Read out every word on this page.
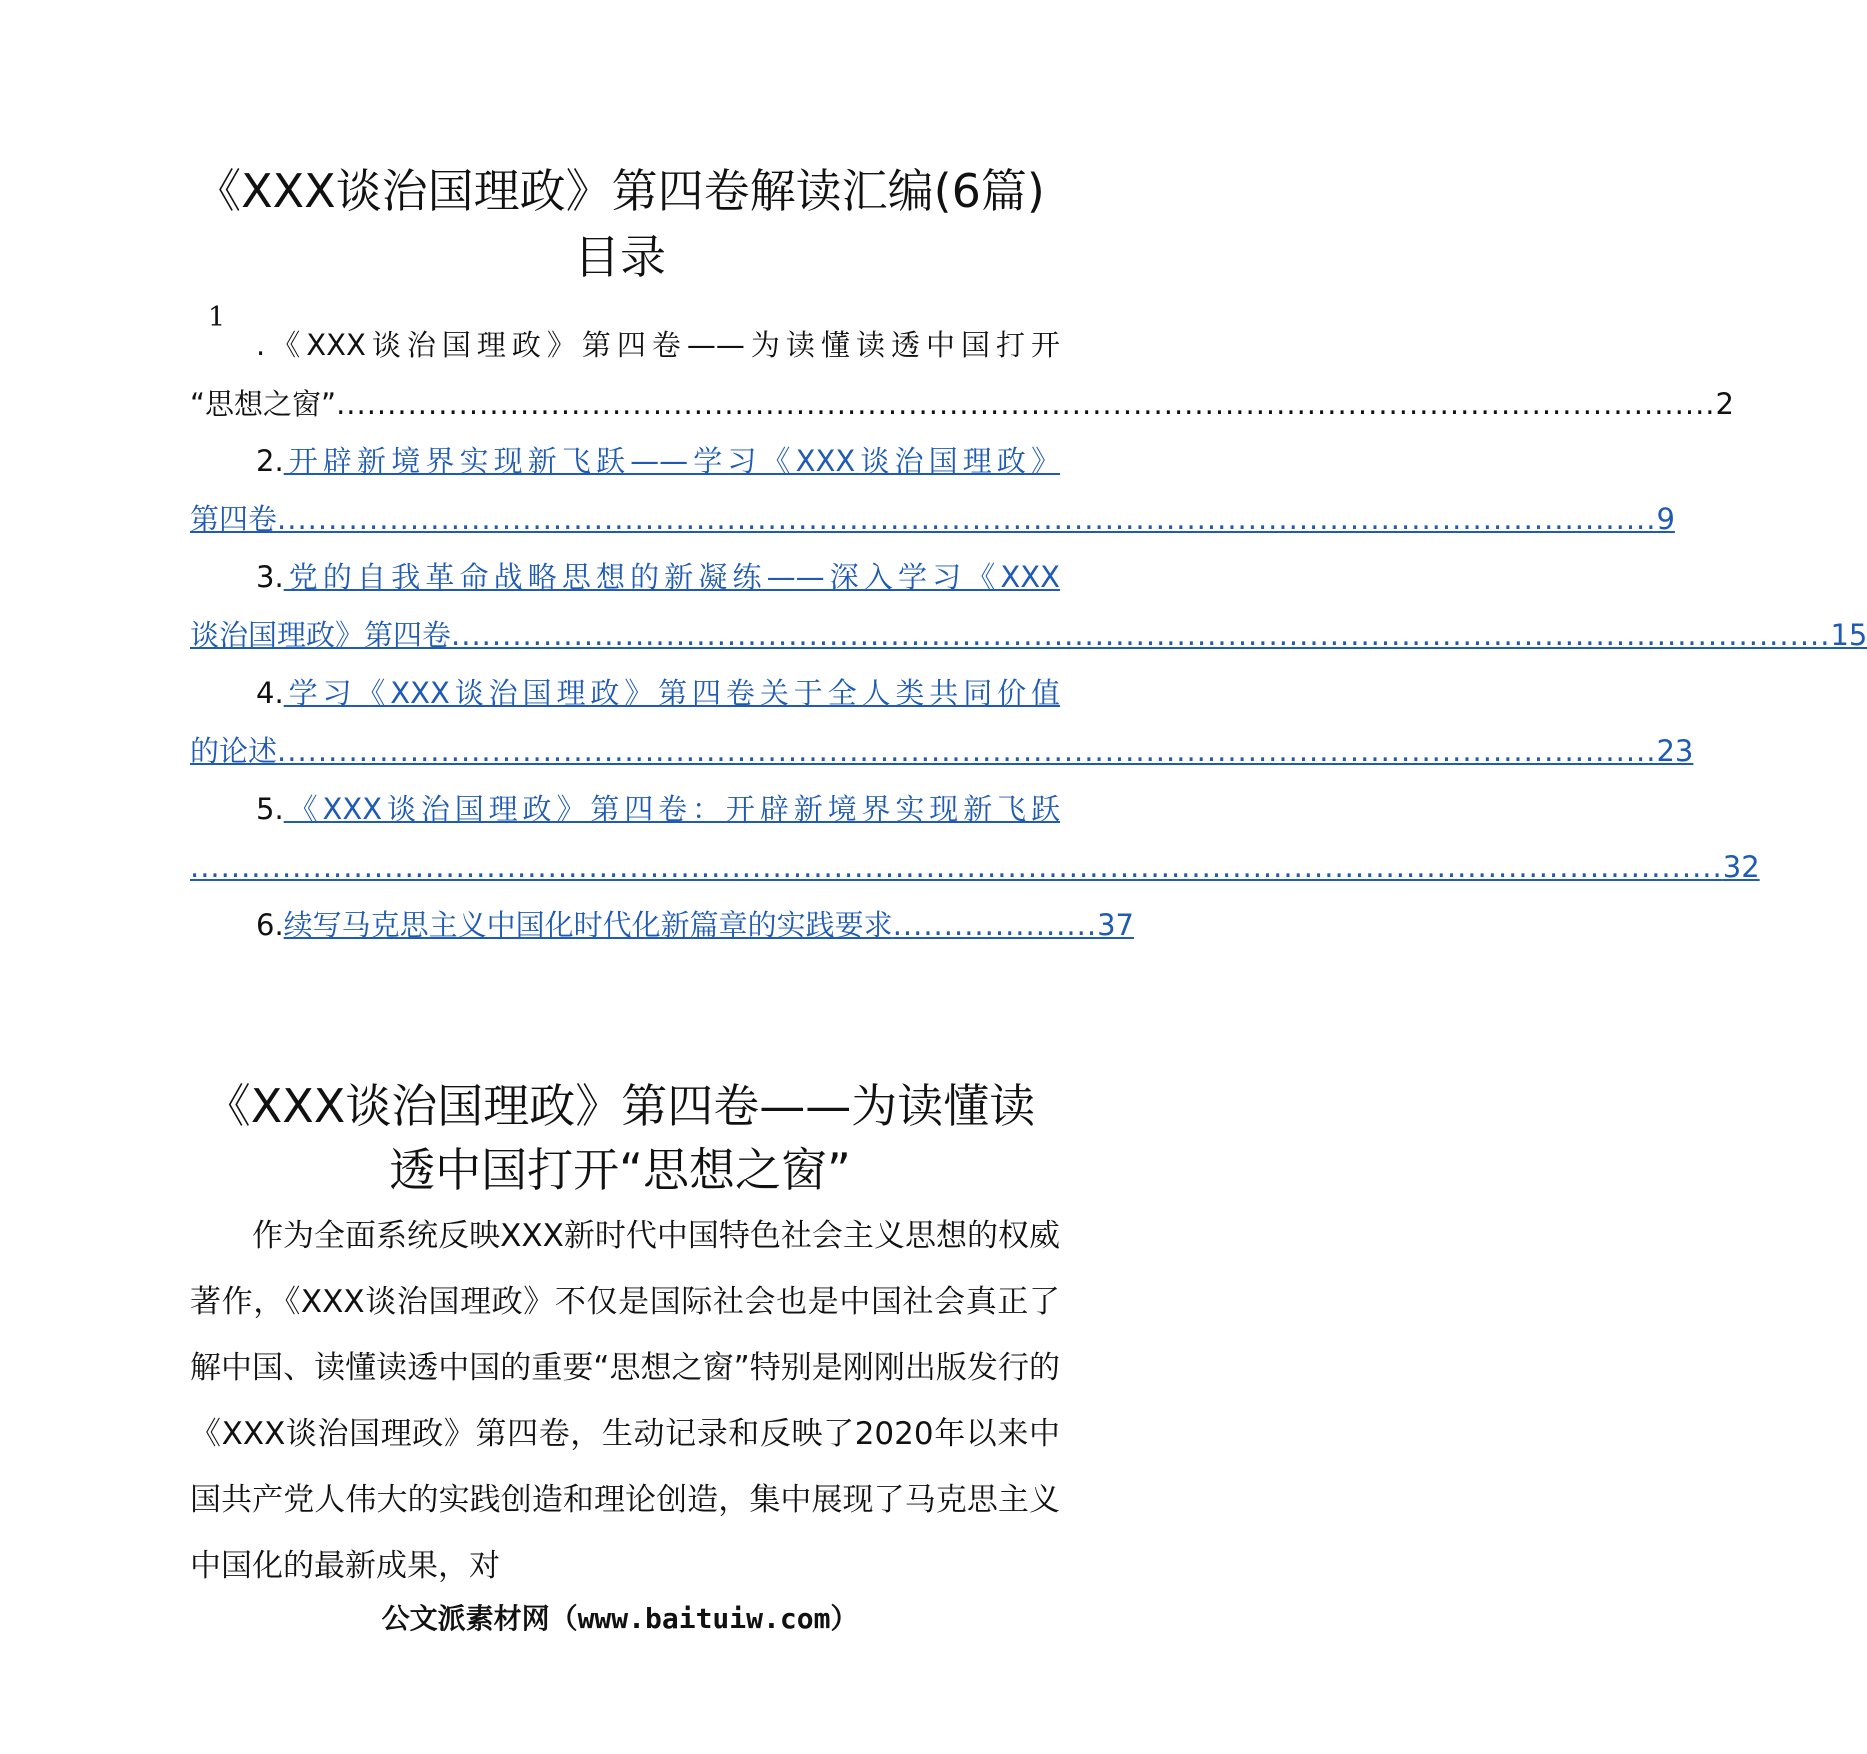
《XXX谈治国理政》第四卷解读汇编(6篇)
目录
1
.《XXX谈治国理政》第四卷——为读懂读透中国打开
“思想之窗” ....................................................................................................................................... 2
2.开辟新境界实现新飞跃——学习《XXX谈治国理政》
第四卷 ....................................................................................................................................... 9
3.党的自我革命战略思想的新凝练——深入学习《XXX
谈治国理政》第四卷 ....................................................................................................................................... 15
4.学习《XXX谈治国理政》第四卷关于全人类共同价值
的论述 ....................................................................................................................................... 23
5.《XXX谈治国理政》第四卷：开辟新境界实现新飞跃
...................................................................................................................................................... 32
6. 续写马克思主义中国化时代化新篇章的实践要求 .................... 37
《XXX谈治国理政》第四卷——为读懂读
透中国打开“思想之窗”

作为全面系统反映XXX新时代中国特色社会主义思想的权威著作，《XXX谈治国理政》不仅是国际社会也是中国社会真正了解中国、读懂读透中国的重要“思想之窗”特别是刚刚出版发行的《XXX谈治国理政》第四卷，生动记录和反映了2020年以来中国共产党人伟大的实践创造和理论创造，集中展现了马克思主义中国化的最新成果，对

公文派素材网（www.baituiw.com）
